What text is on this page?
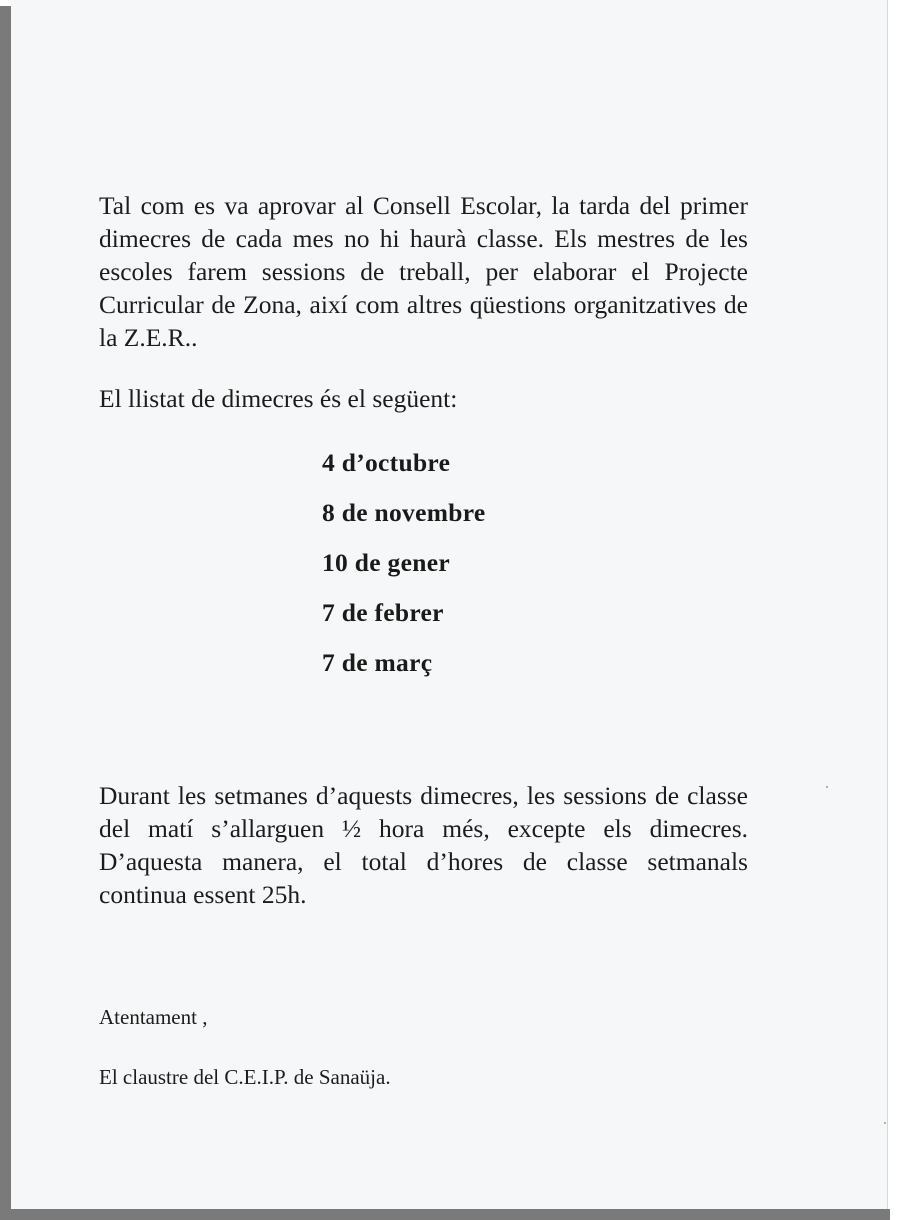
Tal com es va aprovar al Consell Escolar, la tarda del primer dimecres de cada mes no hi haurà classe. Els mestres de les escoles farem sessions de treball, per elaborar el Projecte Curricular de Zona, així com altres qüestions organitzatives de la Z.E.R..

El llistat de dimecres és el següent:

4 d’octubre
8 de novembre
10 de gener
7 de febrer
7 de març

Durant les setmanes d’aquests dimecres, les sessions de classe del matí s’allarguen ½ hora més, excepte els dimecres. D’aquesta manera, el total d’hores de classe setmanals continua essent 25h.

Atentament ,

El claustre del C.E.I.P. de Sanaüja.
